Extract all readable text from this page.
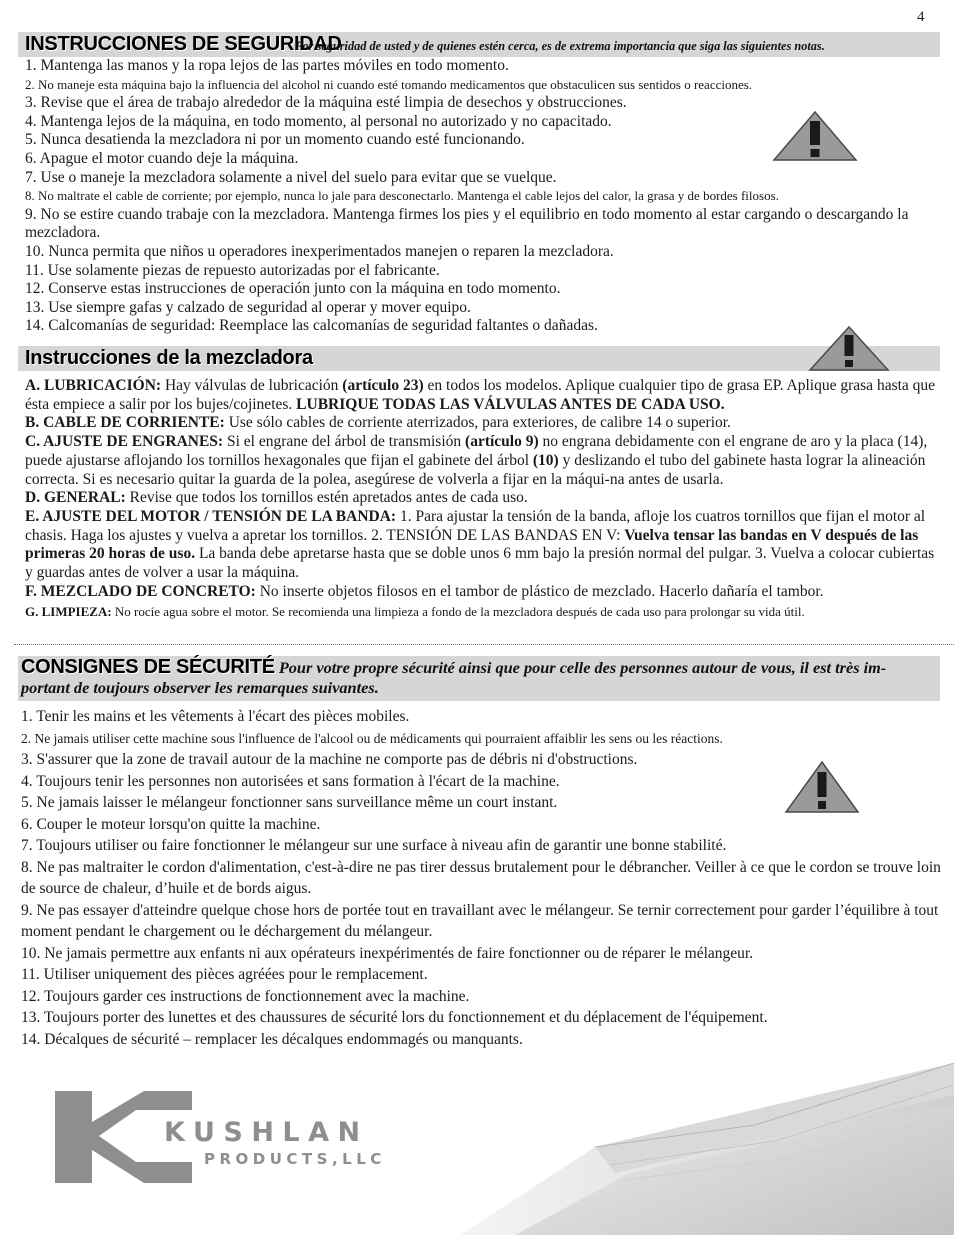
4
INSTRUCCIONES DE SEGURIDAD
Por seguridad de usted y de quienes estén cerca, es de extrema importancia que siga las siguientes notas.
1. Mantenga las manos y la ropa lejos de las partes móviles en todo momento.
2. No maneje esta máquina bajo la influencia del alcohol ni cuando esté tomando medicamentos que obstaculicen sus sentidos o reacciones.
3. Revise que el área de trabajo alrededor de la máquina esté limpia de desechos y obstrucciones.
4. Mantenga lejos de la máquina, en todo momento, al personal no autorizado y no capacitado.
5. Nunca desatienda la mezcladora ni por un momento cuando esté funcionando.
6. Apague el motor cuando deje la máquina.
7. Use o maneje la mezcladora solamente a nivel del suelo para evitar que se vuelque.
8. No maltrate el cable de corriente; por ejemplo, nunca lo jale para desconectarlo. Mantenga el cable lejos del calor, la grasa y de bordes filosos.
9. No se estire cuando trabaje con la mezcladora. Mantenga firmes los pies y el equilibrio en todo momento al estar cargando o descargando la mezcladora.
10. Nunca permita que niños u operadores inexperimentados manejen o reparen la mezcladora.
11. Use solamente piezas de repuesto autorizadas por el fabricante.
12. Conserve estas instrucciones de operación junto con la máquina en todo momento.
13. Use siempre gafas y calzado de seguridad al operar y mover equipo.
14. Calcomanías de seguridad: Reemplace las calcomanías de seguridad faltantes o dañadas.
Instrucciones de la mezcladora

A. LUBRICACIÓN: Hay válvulas de lubricación (artículo 23) en todos los modelos. Aplique cualquier tipo de grasa EP. Aplique grasa hasta que ésta empiece a salir por los bujes/cojinetes. LUBRIQUE TODAS LAS VÁLVULAS ANTES DE CADA USO.

B. CABLE DE CORRIENTE: Use sólo cables de corriente aterrizados, para exteriores, de calibre 14 o superior.

C. AJUSTE DE ENGRANES: Si el engrane del árbol de transmisión (artículo 9) no engrana debidamente con el engrane de aro y la placa (14), puede ajustarse aflojando los tornillos hexagonales que fijan el gabinete del árbol (10) y deslizando el tubo del gabinete hasta lograr la alineación correcta. Si es necesario quitar la guarda de la polea, asegúrese de volverla a fijar en la máqui-na antes de usarla.

D. GENERAL: Revise que todos los tornillos estén apretados antes de cada uso.

E. AJUSTE DEL MOTOR / TENSIÓN DE LA BANDA: 1. Para ajustar la tensión de la banda, afloje los cuatros tornillos que fijan el motor al chasis. Haga los ajustes y vuelva a apretar los tornillos. 2. TENSIÓN DE LAS BANDAS EN V: Vuelva tensar las bandas en V después de las primeras 20 horas de uso. La banda debe apretarse hasta que se doble unos 6 mm bajo la presión normal del pulgar. 3. Vuelva a colocar cubiertas y guardas antes de volver a usar la máquina.

F. MEZCLADO DE CONCRETO: No inserte objetos filosos en el tambor de plástico de mezclado. Hacerlo dañaría el tambor.

G. LIMPIEZA: No rocíe agua sobre el motor. Se recomienda una limpieza a fondo de la mezcladora después de cada uso para prolongar su vida útil.

CONSIGNES DE SÉCURITÉ Pour votre propre sécurité ainsi que pour celle des personnes autour de vous, il est très im-portant de toujours observer les remarques suivantes.
1. Tenir les mains et les vêtements à l'écart des pièces mobiles.
2. Ne jamais utiliser cette machine sous l'influence de l'alcool ou de médicaments qui pourraient affaiblir les sens ou les réactions.
3. S'assurer que la zone de travail autour de la machine ne comporte pas de débris ni d'obstructions.
4. Toujours tenir les personnes non autorisées et sans formation à l'écart de la machine.
5. Ne jamais laisser le mélangeur fonctionner sans surveillance même un court instant.
6. Couper le moteur lorsqu'on quitte la machine.
7. Toujours utiliser ou faire fonctionner le mélangeur sur une surface à niveau afin de garantir une bonne stabilité.
8. Ne pas maltraiter le cordon d'alimentation, c'est-à-dire ne pas tirer dessus brutalement pour le débrancher. Veiller à ce que le cordon se trouve loin de source de chaleur, d’huile et de bords aigus.
9. Ne pas essayer d'atteindre quelque chose hors de portée tout en travaillant avec le mélangeur. Se ternir correctement pour garder l’équilibre à tout moment pendant le chargement ou le déchargement du mélangeur.
10. Ne jamais permettre aux enfants ni aux opérateurs inexpérimentés de faire fonctionner ou de réparer le mélangeur.
11. Utiliser uniquement des pièces agréées pour le remplacement.
12. Toujours garder ces instructions de fonctionnement avec la machine.
13. Toujours porter des lunettes et des chaussures de sécurité lors du fonctionnement et du déplacement de l'équipement.
14. Décalques de sécurité – remplacer les décalques endommagés ou manquants.
KUSHLAN
PRODUCTS,LLC
